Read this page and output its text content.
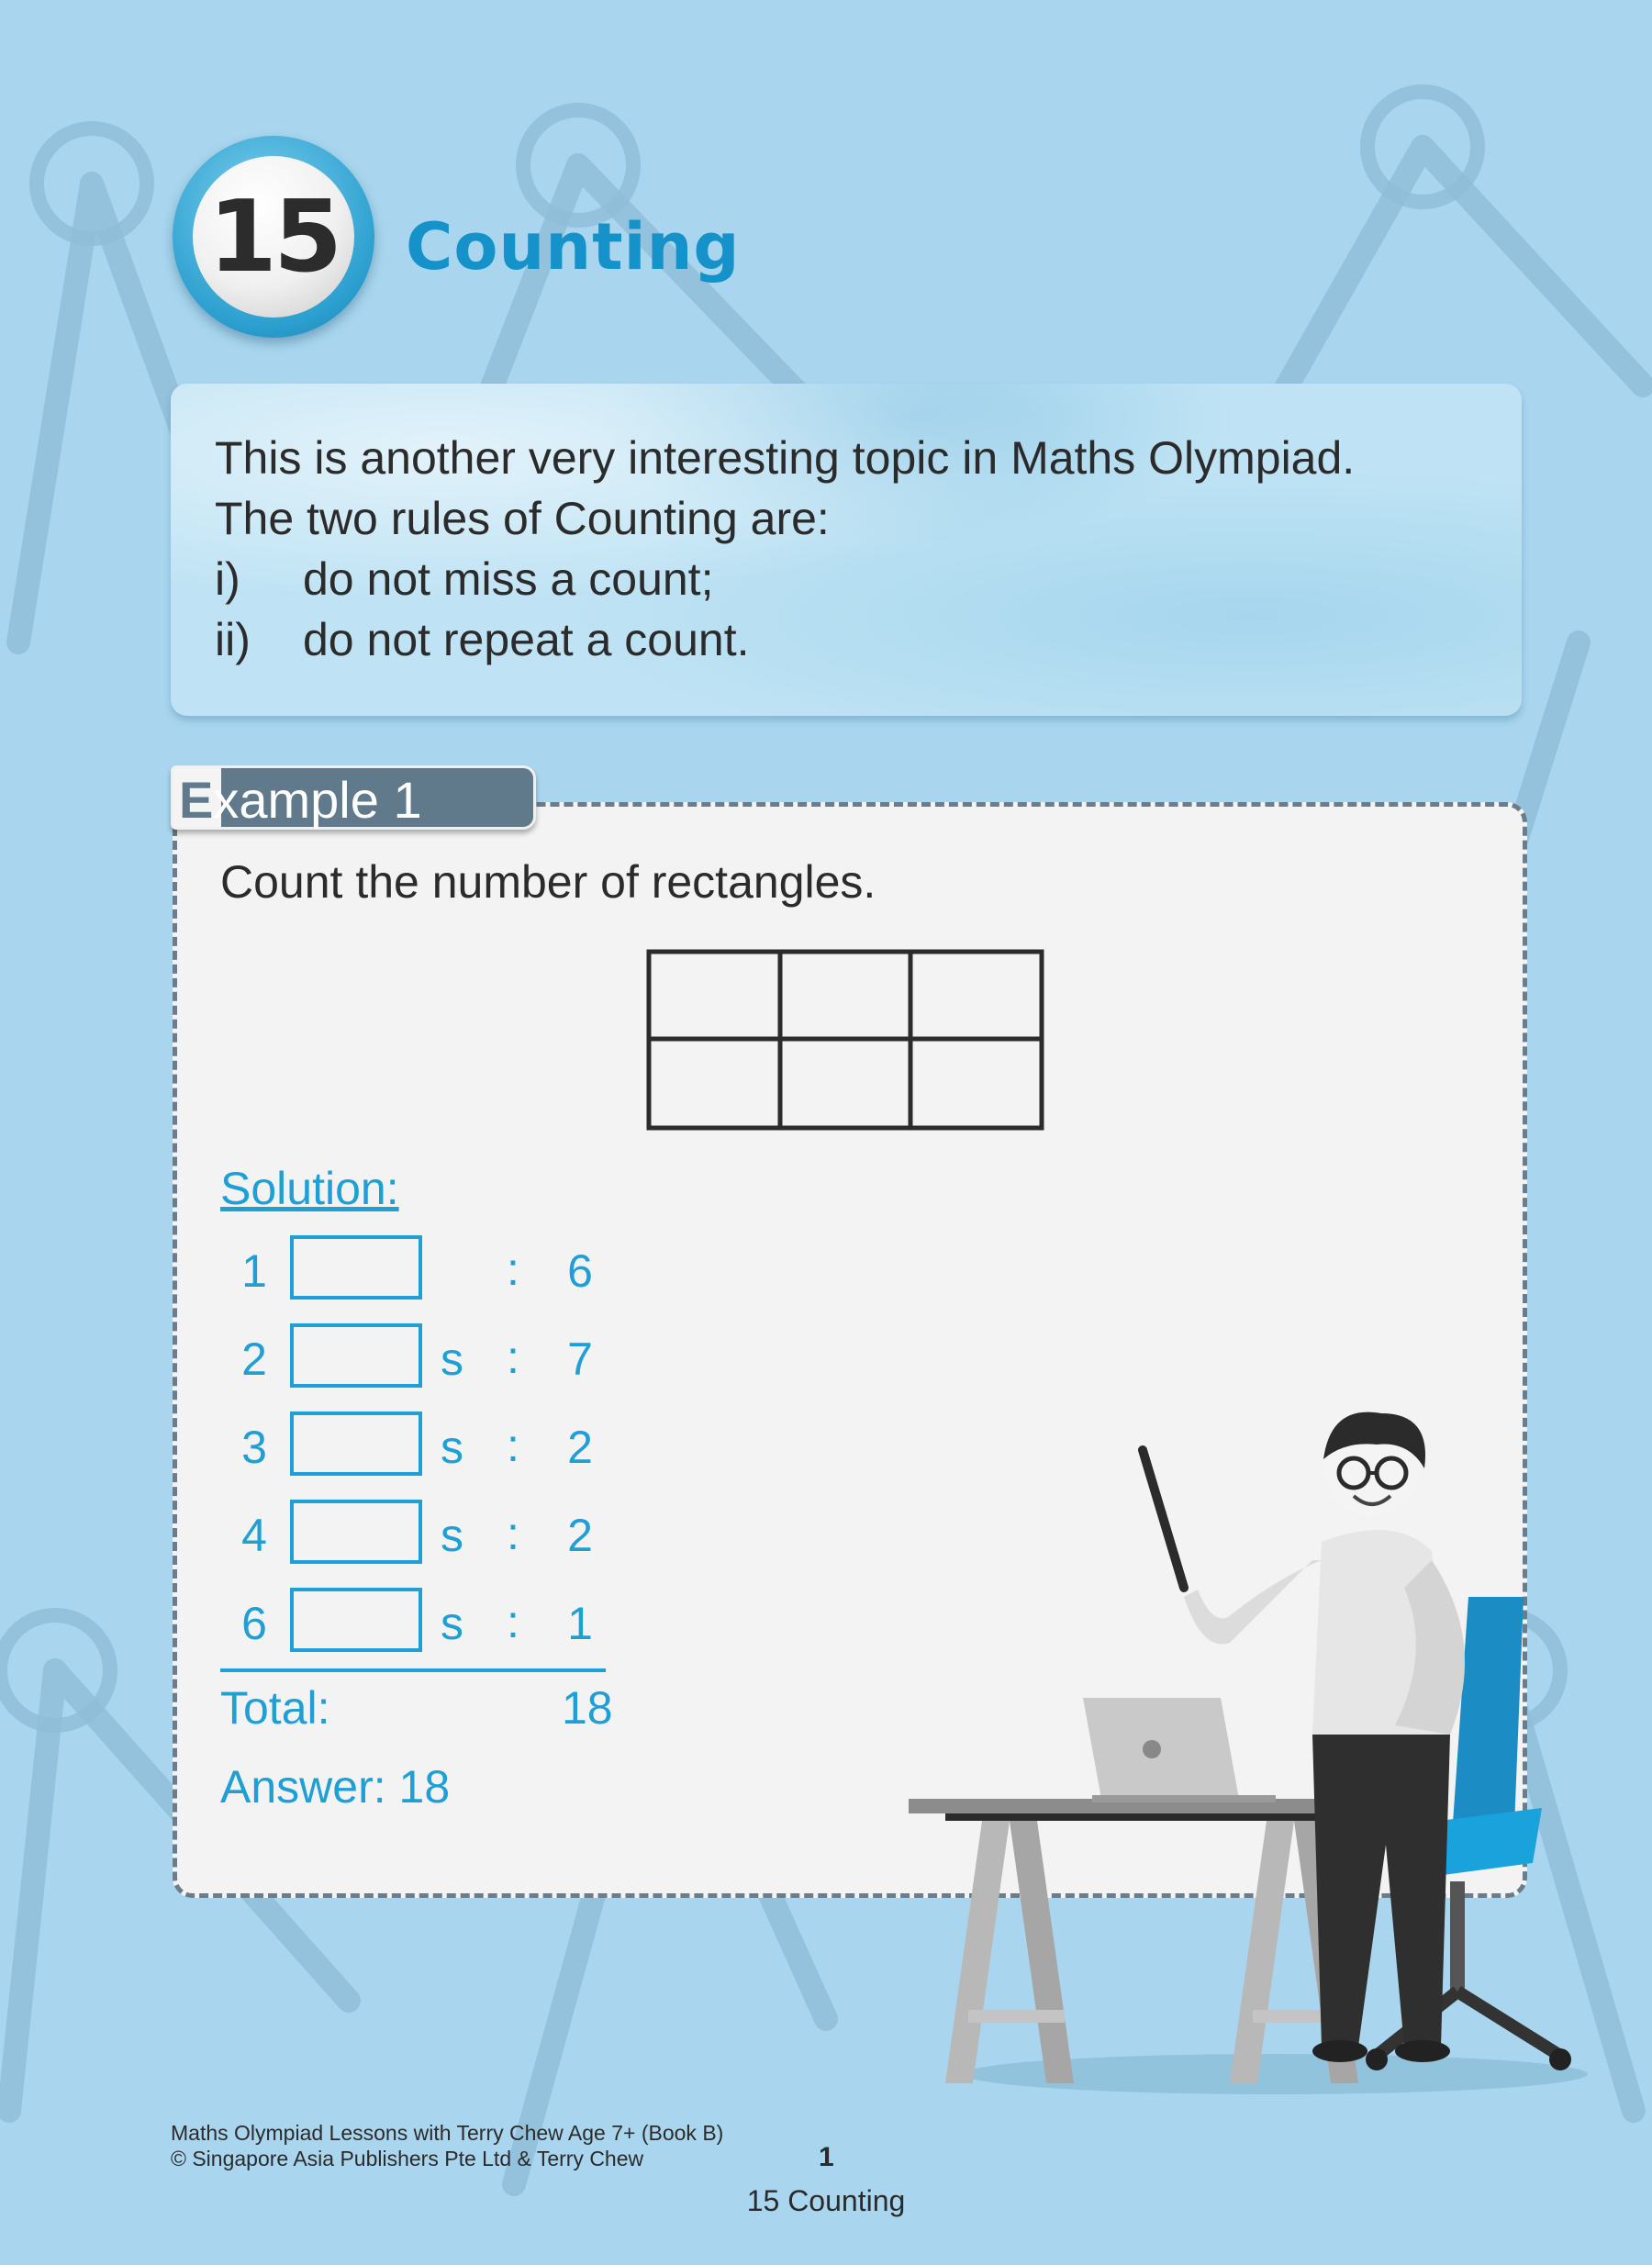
15 Counting
This is another very interesting topic in Maths Olympiad.
The two rules of Counting are:
i) do not miss a count;
ii) do not repeat a count.
Example 1
Count the number of rectangles.
Solution:
1	: 6
2	s : 7
3	s : 2
4	s : 2
6	s : 1
Total:	18
Answer: 18
Maths Olympiad Lessons with Terry Chew Age 7+ (Book B)
© Singapore Asia Publishers Pte Ltd & Terry Chew	1
15 Counting
